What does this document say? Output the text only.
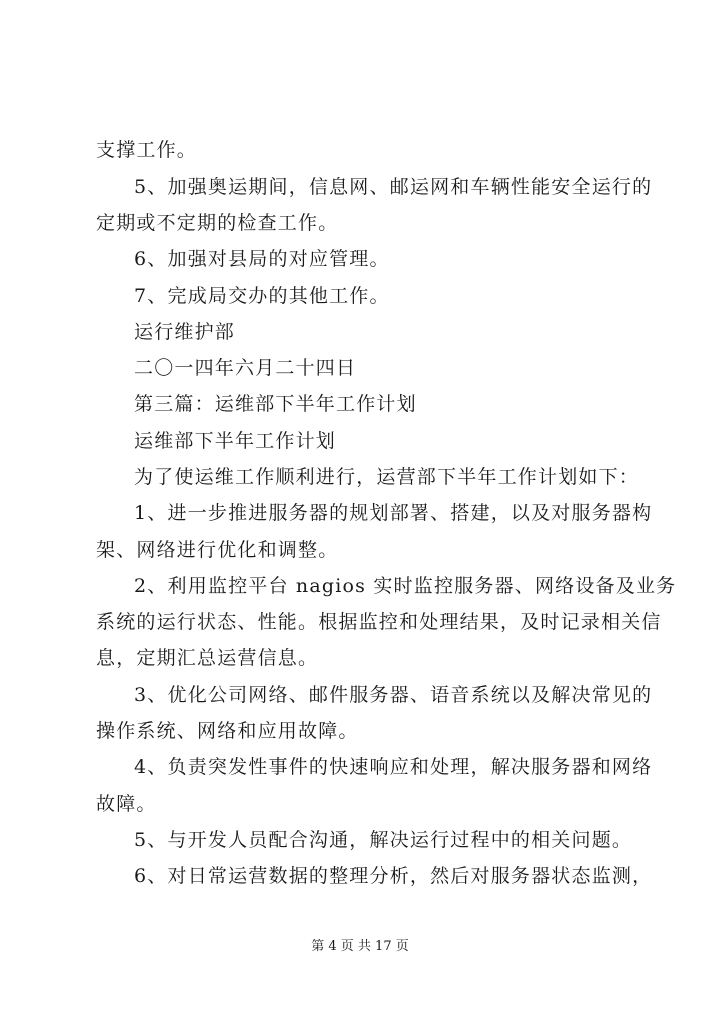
支撑工作。
5、加强奥运期间，信息网、邮运网和车辆性能安全运行的
定期或不定期的检查工作。
6、加强对县局的对应管理。
7、完成局交办的其他工作。
运行维护部
二〇一四年六月二十四日
第三篇：运维部下半年工作计划
运维部下半年工作计划
为了使运维工作顺利进行，运营部下半年工作计划如下：
1、进一步推进服务器的规划部署、搭建，以及对服务器构
架、网络进行优化和调整。
2、利用监控平台 nagios 实时监控服务器、网络设备及业务
系统的运行状态、性能。根据监控和处理结果，及时记录相关信
息，定期汇总运营信息。
3、优化公司网络、邮件服务器、语音系统以及解决常见的
操作系统、网络和应用故障。
4、负责突发性事件的快速响应和处理，解决服务器和网络
故障。
5、与开发人员配合沟通，解决运行过程中的相关问题。
6、对日常运营数据的整理分析，然后对服务器状态监测，
第 4 页 共 17 页
